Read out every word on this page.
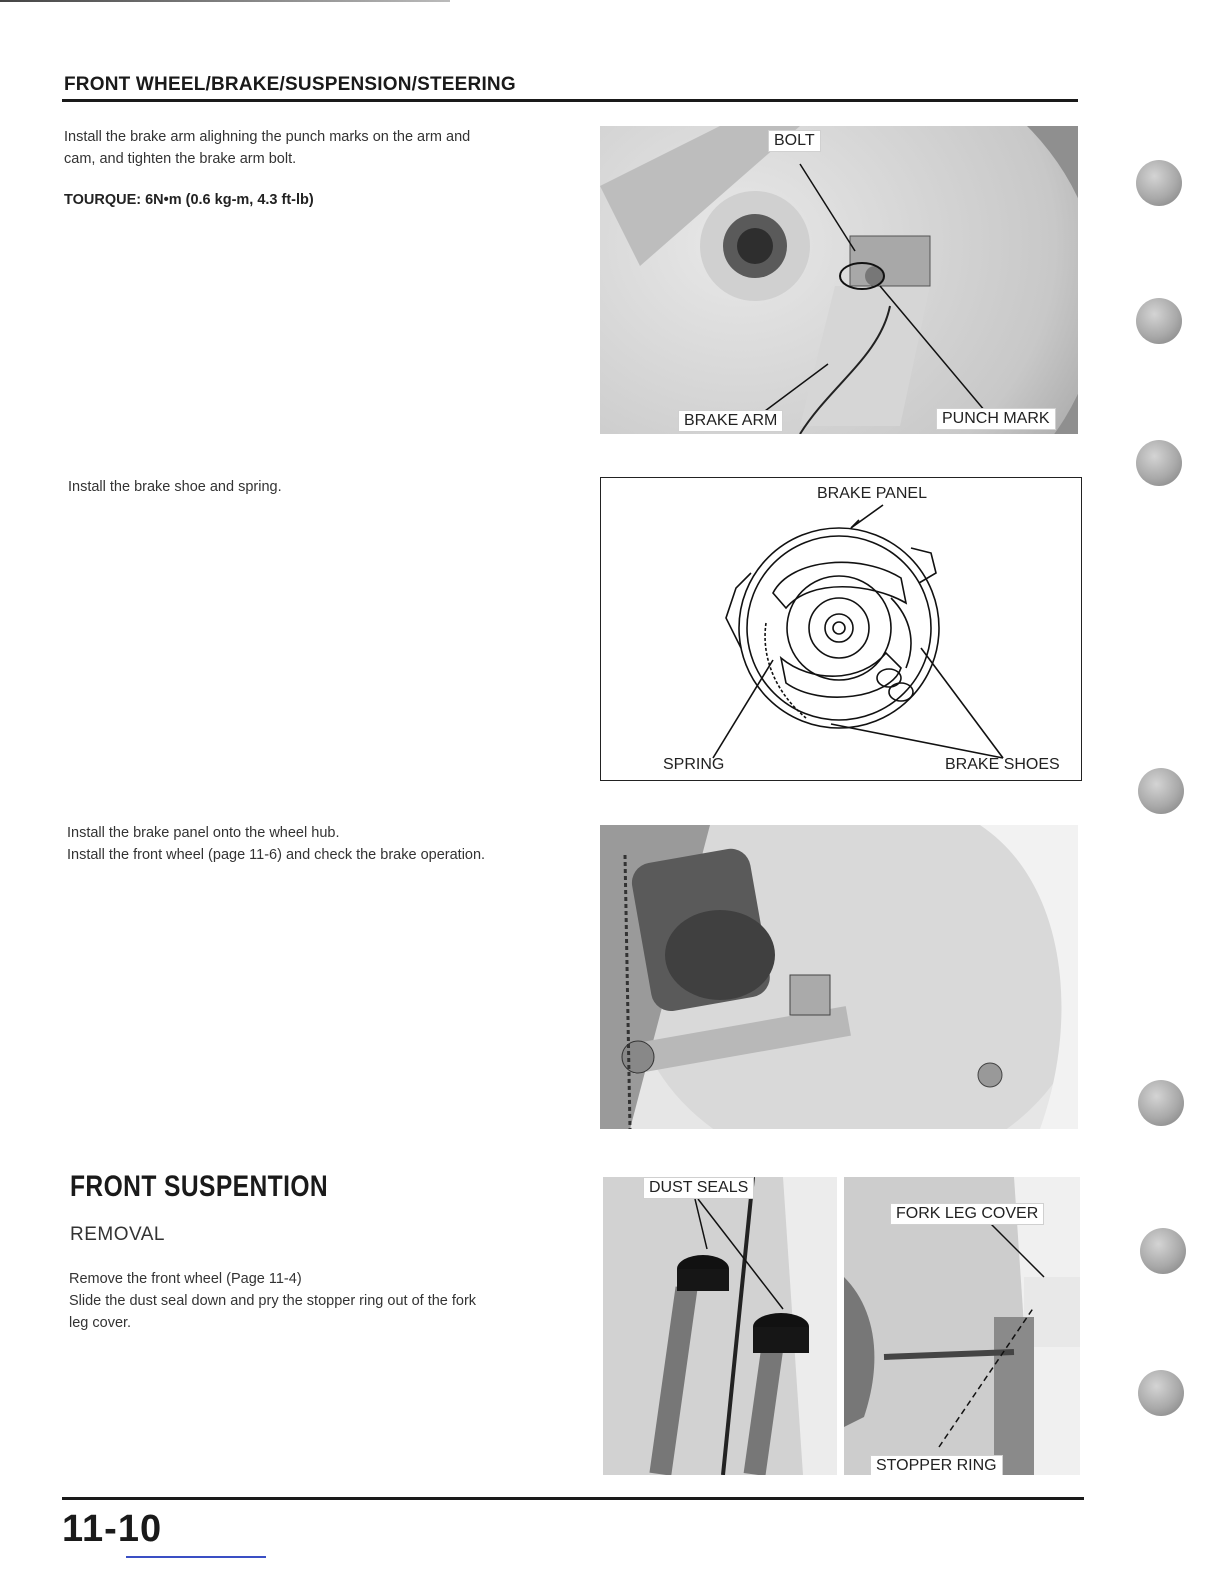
FRONT WHEEL/BRAKE/SUSPENSION/STEERING
Install the brake arm alighning the punch marks on the arm and
cam, and tighten the brake arm bolt.
TOURQUE: 6N•m (0.6 kg-m, 4.3 ft-lb)
BOLT
BRAKE ARM	PUNCH MARK
Install the brake shoe and spring.	BRAKE PANEL
SPRING	BRAKE SHOES
Install the brake panel onto the wheel hub.
Install the front wheel (page 11-6) and check the brake operation.
FRONT SUSPENTION
REMOVAL
Remove the front wheel (Page 11-4)
Slide the dust seal down and pry the stopper ring out of the fork
leg cover.
DUST SEALS
FORK LEG COVER
STOPPER RING
11-10
